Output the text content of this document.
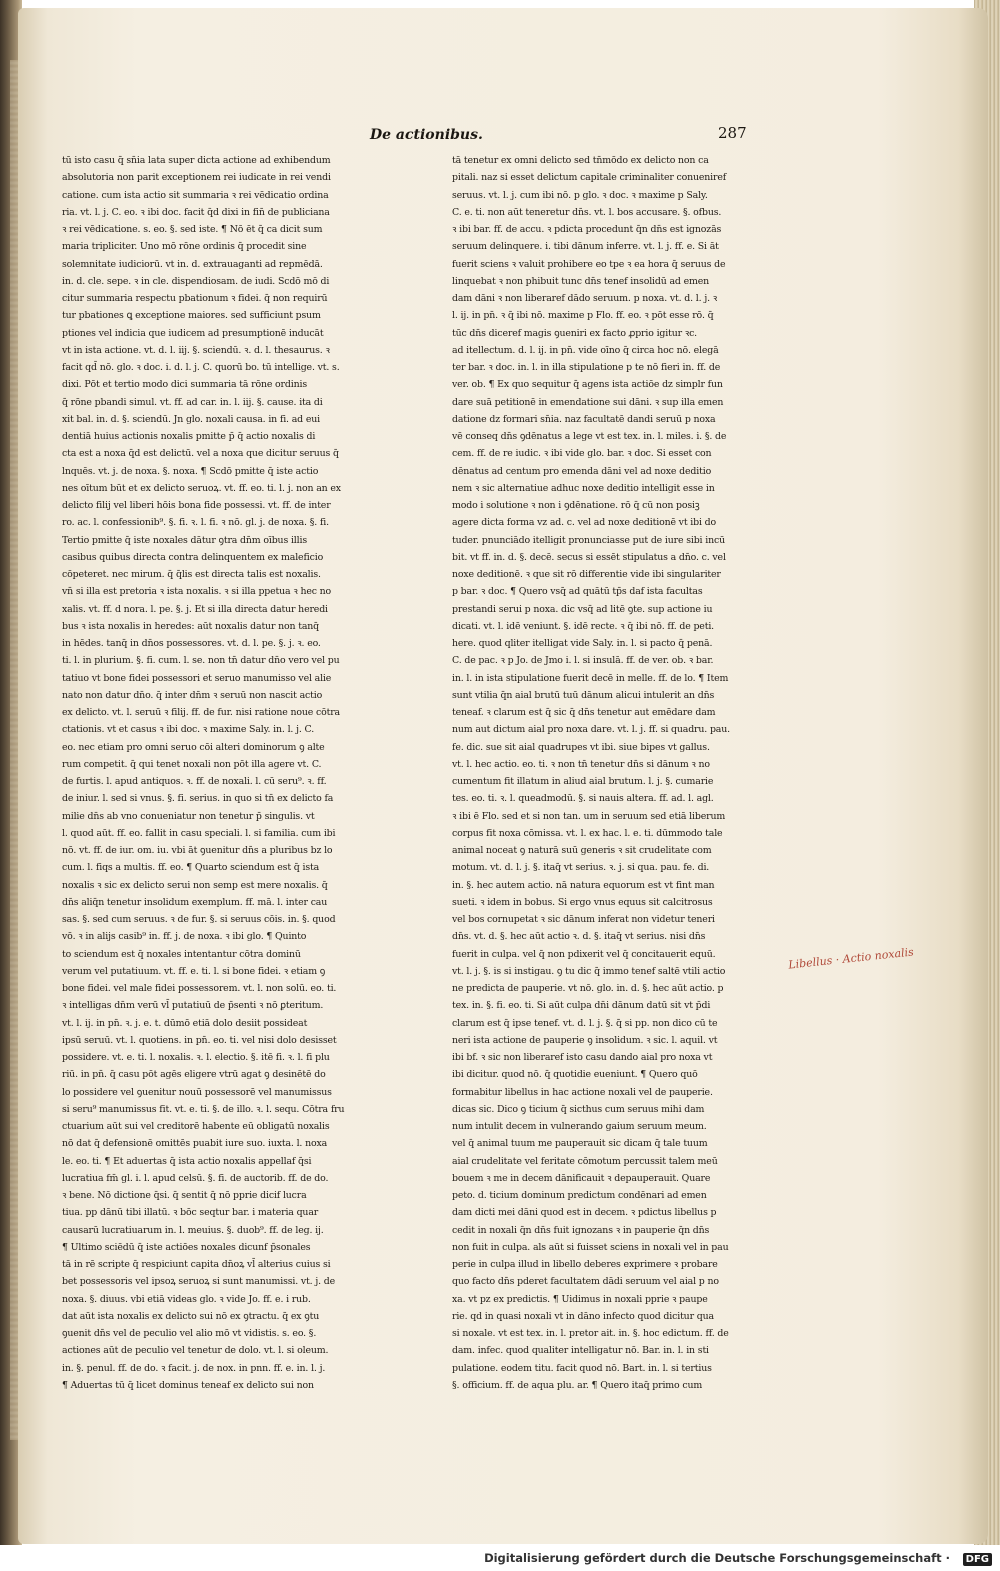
De actionibus.	287
tū isto casu q̄ sn̄ia lata super dicta actione ad exhibendum
absolutoria non parit exceptionem rei iudicate in rei vendi
catione. cum ista actio sit summaria ꝛ rei vēdicatio ordina
ria. vt. l. j. C. eo. ꝛ ibi doc. facit q̄d dixi in fin̄ de publiciana
ꝛ rei vēdicatione. s. eo. §. sed iste. ¶ Nō ēt q̄ ca dicit sum
maria tripliciter. Uno mō rōne ordinis q̄ procedit sine
solemnitate iudiciorū. vt in. d. extrauaganti ad repmēdā.
in. d. cle. sepe. ꝛ in cle. dispendiosam. de iudi. Scdō mō di
citur summaria respectu pbationum ꝛ fidei. q̄ non requirū
tur pbationes ꝗ exceptione maiores. sed sufficiunt psum
ptiones vel indicia que iudicem ad presumptionē inducāt
vt in ista actione. vt. d. l. iij. §. sciendū. ꝛ. d. l. thesaurus. ꝛ
facit qd̄ nō. glo. ꝛ doc. i. d. l. j. C. quorū bo. tū intellige. vt. s.
dixi. Pōt et tertio modo dici summaria tā rōne ordinis
q̄ rōne pbandi simul. vt. ff. ad car. in. l. iij. §. cause. ita di
xit bal. in. d. §. sciendū. Jn glo. noxali causa. in fi. ad eui
dentiā huius actionis noxalis pmitte p̄ q̄ actio noxalis di
cta est a noxa q̄d est delictū. vel a noxa que dicitur seruus q̄
lnquēs. vt. j. de noxa. §. noxa. ¶ Scdō pmitte q̄ iste actio
nes oītum būt et ex delicto seruoꝝ. vt. ff. eo. ti. l. j. non an ex
delicto filij vel liberi hōis bona fide possessi. vt. ff. de inter
ro. ac. l. confessionib⁹. §. fi. ꝛ. l. fi. ꝛ nō. gl. j. de noxa. §. fi.
Tertio pmitte q̄ iste noxales dātur ꝯtra dn̄m oībus illis
casibus quibus directa contra delinquentem ex maleficio
cōpeteret. nec mirum. q̄ q̄lis est directa talis est noxalis.
vn̄ si illa est pretoria ꝛ ista noxalis. ꝛ si illa ppetua ꝛ hec no
xalis. vt. ff. d nora. l. pe. §. j. Et si illa directa datur heredi
bus ꝛ ista noxalis in heredes: aūt noxalis datur non tanq̄
in hēdes. tanq̄ in dn̄os possessores. vt. d. l. pe. §. j. ꝛ. eo.
ti. l. in plurium. §. fi. cum. l. se. non tn̄ datur dn̄o vero vel pu
tatiuo vt bone fidei possessori et seruo manumisso vel alie
nato non datur dn̄o. q̄ inter dn̄m ꝛ seruū non nascit actio
ex delicto. vt. l. seruū ꝛ filij. ff. de fur. nisi ratione noue cōtra
ctationis. vt et casus ꝛ ibi doc. ꝛ maxime Saly. in. l. j. C.
eo. nec etiam pro omni seruo cōi alteri dominorum ꝯ alte
rum competit. q̄ qui tenet noxali non pōt illa agere vt. C.
de furtis. l. apud antiquos. ꝛ. ff. de noxali. l. cū seru⁹. ꝛ. ff.
de iniur. l. sed si vnus. §. fi. serius. in quo si tn̄ ex delicto fa
milie dn̄s ab vno conueniatur non tenetur p̄ singulis. vt
l. quod aūt. ff. eo. fallit in casu speciali. l. si familia. cum ibi
nō. vt. ff. de iur. om. iu. vbi āt ꝯuenitur dn̄s a pluribus bz lo
cum. l. fiqs a multis. ff. eo. ¶ Quarto sciendum est q̄ ista
noxalis ꝛ sic ex delicto serui non semp est mere noxalis. q̄
dn̄s aliq̄n tenetur insolidum exemplum. ff. mā. l. inter cau
sas. §. sed cum seruus. ꝛ de fur. §. si seruus cōis. in. §. quod
vō. ꝛ in alijs casib⁹ in. ff. j. de noxa. ꝛ ibi glo. ¶ Quinto
to sciendum est q̄ noxales intentantur cōtra dominū
verum vel putatiuum. vt. ff. e. ti. l. si bone fidei. ꝛ etiam ꝯ
bone fidei. vel male fidei possessorem. vt. l. non solū. eo. ti.
ꝛ intelligas dn̄m verū vl̄ putatiuū de p̄senti ꝛ nō ꝑteritum.
vt. l. ij. in pn̄. ꝛ. j. e. t. dūmō etiā dolo desiit possideat
ipsū seruū. vt. l. quotiens. in pn̄. eo. ti. vel nisi dolo desisset
possidere. vt. e. ti. l. noxalis. ꝛ. l. electio. §. itē fi. ꝛ. l. fi plu
riū. in pn̄. q̄ casu pōt agēs eligere vtrū agat ꝯ desinētē do
lo possidere vel ꝯuenitur nouū possessorē vel manumissus
si seru⁹ manumissus fit. vt. e. ti. §. de illo. ꝛ. l. sequ. Cōtra fru
ctuarium aūt sui vel creditorē habente eū obligatū noxalis
nō dat q̄ defensionē omittēs puabit iure suo. iuxta. l. noxa
le. eo. ti. ¶ Et aduertas q̄ ista actio noxalis appellaf q̄si
lucratiua fm̄ gl. i. l. apud celsū. §. fi. de auctorib. ff. de do.
ꝛ bene. Nō dictione q̄si. q̄ sentit q̄ nō pprie dicif lucra
tiua. pp dānū tibi illatū. ꝛ bōc seqtur bar. i materia quar
causarū lucratiuarum in. l. meuius. §. duob⁹. ff. de leg. ij.
¶ Ultimo sciēdū q̄ iste actiōes noxales dicunf p̄sonales
tā in rē scripte q̄ respiciunt capita dn̄oꝝ vl̄ alterius cuius si
bet possessoris vel ipsoꝝ seruoꝝ si sunt manumissi. vt. j. de
noxa. §. diuus. vbi etiā videas glo. ꝛ vide Jo. ff. e. i rub.
dat aūt ista noxalis ex delicto sui nō ex ꝯtractu. q̄ ex ꝯtu
ꝯuenit dn̄s vel de peculio vel alio mō vt vidistis. s. eo. §.
actiones aūt de peculio vel tenetur de dolo. vt. l. si oleum.
in. §. penul. ff. de do. ꝛ facit. j. de nox. in pnn. ff. e. in. l. j.
¶ Aduertas tū q̄ licet dominus teneaf ex delicto sui non
tā tenetur ex omni delicto sed tn̄mōdo ex delicto non ca
pitali. naz si esset delictum capitale criminaliter conueniref
seruus. vt. l. j. cum ibi nō. p glo. ꝛ doc. ꝛ maxime p Saly.
C. e. ti. non aūt teneretur dn̄s. vt. l. bos accusare. §. ofbus.
ꝛ ibi bar. ff. de accu. ꝛ pdicta procedunt q̄n dn̄s est ignozās
seruum delinquere. i. tibi dānum inferre. vt. l. j. ff. e. Si āt
fuerit sciens ꝛ valuit prohibere eo tpe ꝛ ea hora q̄ seruus de
linquebat ꝛ non phibuit tunc dn̄s tenef insolidū ad emen
dam dāni ꝛ non liberaref dādo seruum. p noxa. vt. d. l. j. ꝛ
l. ij. in pn̄. ꝛ q̄ ibi nō. maxime p Flo. ff. eo. ꝛ pōt esse rō. q̄
tūc dn̄s diceref magis ꝯueniri ex facto ꝓprio igitur ꝛc.
ad itellectum. d. l. ij. in pn̄. vide oīno q̄ circa hoc nō. elegā
ter bar. ꝛ doc. in. l. in illa stipulatione p te nō fieri in. ff. de
ver. ob. ¶ Ex quo sequitur q̄ agens ista actiōe dz simplr fun
dare suā petitionē in emendatione sui dāni. ꝛ sup illa emen
datione dz formari sn̄ia. naz facultatē dandi seruū p noxa
vē conseq dn̄s ꝯdēnatus a lege vt est tex. in. l. miles. i. §. de
cem. ff. de re iudic. ꝛ ibi vide glo. bar. ꝛ doc. Si esset con
dēnatus ad centum pro emenda dāni vel ad noxe deditio
nem ꝛ sic alternatiue adhuc noxe deditio intelligit esse in
modo i solutione ꝛ non i ꝯdēnatione. rō q̄ cū non posiꝫ
agere dicta forma vz ad. c. vel ad noxe deditionē vt ibi do
tuder. pnunciādo itelligit pronunciasse put de iure sibi incū
bit. vt ff. in. d. §. decē. secus si essēt stipulatus a dn̄o. c. vel
noxe deditionē. ꝛ que sit rō differentie vide ibi singulariter
p bar. ꝛ doc. ¶ Quero vsq̄ ad quātū tp̄s daf ista facultas
prestandi serui p noxa. dic vsq̄ ad litē ꝯte. sup actione iu
dicati. vt. l. idē veniunt. §. idē recte. ꝛ q̄ ibi nō. ff. de peti.
here. quod qliter itelligat vide Saly. in. l. si pacto q̄ penā.
C. de pac. ꝛ p Jo. de Jmo i. l. si insulā. ff. de ver. ob. ꝛ bar.
in. l. in ista stipulatione fuerit decē in melle. ff. de lo. ¶ Item
sunt vtilia q̄n aial brutū tuū dānum alicui intulerit an dn̄s
teneaf. ꝛ clarum est q̄ sic q̄ dn̄s tenetur aut emēdare dam
num aut dictum aial pro noxa dare. vt. l. j. ff. si quadru. pau.
fe. dic. sue sit aial quadrupes vt ibi. siue bipes vt gallus.
vt. l. hec actio. eo. ti. ꝛ non tn̄ tenetur dn̄s si dānum ꝛ no
cumentum fit illatum in aliud aial brutum. l. j. §. cumarie
tes. eo. ti. ꝛ. l. queadmodū. §. si nauis altera. ff. ad. l. agl.
ꝛ ibi ē Flo. sed et si non tan. um in seruum sed etiā liberum
corpus fit noxa cōmissa. vt. l. ex hac. l. e. ti. dūmmodo tale
animal noceat ꝯ naturā suū generis ꝛ sit crudelitate com
motum. vt. d. l. j. §. itaq̄ vt serius. ꝛ. j. si qua. pau. fe. di.
in. §. hec autem actio. nā natura equorum est vt fint man
sueti. ꝛ idem in bobus. Si ergo vnus equus sit calcitrosus
vel bos cornupetat ꝛ sic dānum inferat non videtur teneri
dn̄s. vt. d. §. hec aūt actio ꝛ. d. §. itaq̄ vt serius. nisi dn̄s
fuerit in culpa. vel q̄ non pdixerit vel q̄ concitauerit equū.
vt. l. j. §. is si instigau. ꝯ tu dic q̄ immo tenef saltē vtili actio
ne predicta de pauperie. vt nō. glo. in. d. §. hec aūt actio. p
tex. in. §. fi. eo. ti. Si aūt culpa dn̄i dānum datū sit vt p̄di
clarum est q̄ ipse tenef. vt. d. l. j. §. q̄ si pp. non dico cū te
neri ista actione de pauperie ꝯ insolidum. ꝛ sic. l. aquil. vt
ibi bf. ꝛ sic non liberaref isto casu dando aial pro noxa vt
ibi dicitur. quod nō. q̄ quotidie eueniunt. ¶ Quero quō
formabitur libellus in hac actione noxali vel de pauperie.
dicas sic. Dico ꝯ ticium q̄ sicthus cum seruus mihi dam
num intulit decem in vulnerando gaium seruum meum.
vel q̄ animal tuum me pauperauit sic dicam q̄ tale tuum
aial crudelitate vel feritate cōmotum percussit talem meū
bouem ꝛ me in decem dānificauit ꝛ depauperauit. Quare
peto. d. ticium dominum predictum condēnari ad emen
dam dicti mei dāni quod est in decem. ꝛ pdictus libellus p
cedit in noxali q̄n dn̄s fuit ignozans ꝛ in pauperie q̄n dn̄s
non fuit in culpa. als aūt si fuisset sciens in noxali vel in pau
perie in culpa illud in libello deberes exprimere ꝛ probare
quo facto dn̄s pderet facultatem dādi seruum vel aial p no
xa. vt pz ex predictis. ¶ Uidimus in noxali pprie ꝛ paupe
rie. qd in quasi noxali vt in dāno infecto quod dicitur qua
si noxale. vt est tex. in. l. pretor ait. in. §. hoc edictum. ff. de
dam. infec. quod qualiter intelligatur nō. Bar. in. l. in sti
pulatione. eodem titu. facit quod nō. Bart. in. l. si tertius
§. officium. ff. de aqua plu. ar. ¶ Quero itaq̄ primo cum
Libellus · Actio noxalis
Digitalisierung gefördert durch die Deutsche Forschungsgemeinschaft ·	DFG
